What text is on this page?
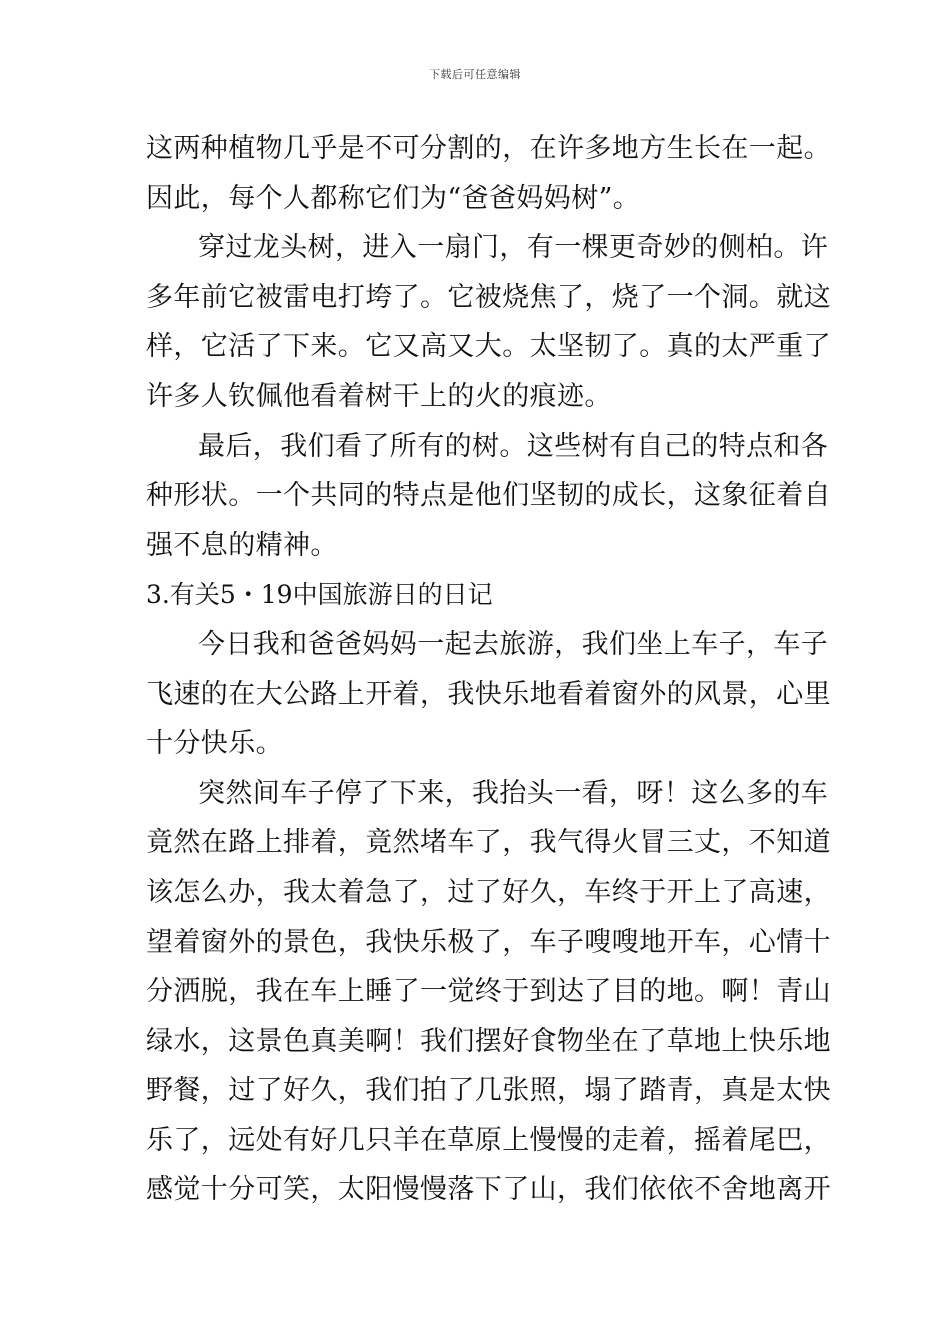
下载后可任意编辑
这两种植物几乎是不可分割的，在许多地方生长在一起。
因此，每个人都称它们为“爸爸妈妈树”。
穿过龙头树，进入一扇门，有一棵更奇妙的侧柏。许
多年前它被雷电打垮了。它被烧焦了，烧了一个洞。就这
样，它活了下来。它又高又大。太坚韧了。真的太严重了
许多人钦佩他看着树干上的火的痕迹。
最后，我们看了所有的树。这些树有自己的特点和各
种形状。一个共同的特点是他们坚韧的成长，这象征着自
强不息的精神。
3.有关5・19中国旅游日的日记
今日我和爸爸妈妈一起去旅游，我们坐上车子，车子
飞速的在大公路上开着，我快乐地看着窗外的风景，心里
十分快乐。
突然间车子停了下来，我抬头一看，呀！这么多的车
竟然在路上排着，竟然堵车了，我气得火冒三丈，不知道
该怎么办，我太着急了，过了好久，车终于开上了高速，
望着窗外的景色，我快乐极了，车子嗖嗖地开车，心情十
分洒脱，我在车上睡了一觉终于到达了目的地。啊！青山
绿水，这景色真美啊！我们摆好食物坐在了草地上快乐地
野餐，过了好久，我们拍了几张照，塌了踏青，真是太快
乐了，远处有好几只羊在草原上慢慢的走着，摇着尾巴，
感觉十分可笑，太阳慢慢落下了山，我们依依不舍地离开
